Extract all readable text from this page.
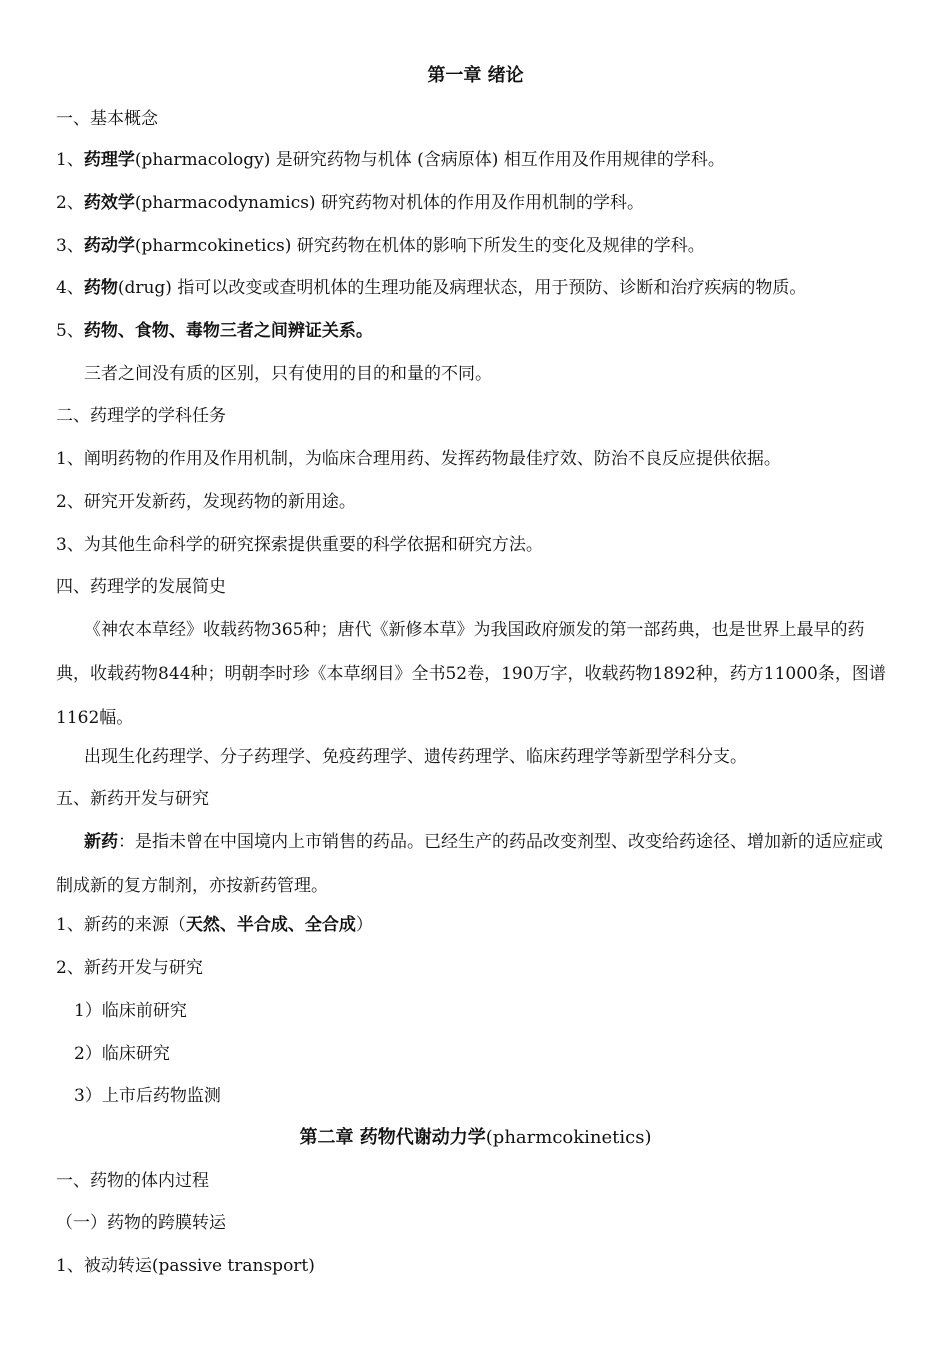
第一章 绪论
一、基本概念
1、药理学(pharmacology) 是研究药物与机体 (含病原体) 相互作用及作用规律的学科。
2、药效学(pharmacodynamics) 研究药物对机体的作用及作用机制的学科。
3、药动学(pharmcokinetics) 研究药物在机体的影响下所发生的变化及规律的学科。
4、药物(drug) 指可以改变或查明机体的生理功能及病理状态，用于预防、诊断和治疗疾病的物质。
5、药物、食物、毒物三者之间辨证关系。
三者之间没有质的区别，只有使用的目的和量的不同。
二、药理学的学科任务
1、阐明药物的作用及作用机制，为临床合理用药、发挥药物最佳疗效、防治不良反应提供依据。
2、研究开发新药，发现药物的新用途。
3、为其他生命科学的研究探索提供重要的科学依据和研究方法。
四、药理学的发展简史
《神农本草经》收载药物365种；唐代《新修本草》为我国政府颁发的第一部药典，也是世界上最早的药典，收载药物844种；明朝李时珍《本草纲目》全书52卷，190万字，收载药物1892种，药方11000条，图谱1162幅。
出现生化药理学、分子药理学、免疫药理学、遗传药理学、临床药理学等新型学科分支。
五、新药开发与研究
新药：是指未曾在中国境内上市销售的药品。已经生产的药品改变剂型、改变给药途径、增加新的适应症或制成新的复方制剂，亦按新药管理。
1、新药的来源（天然、半合成、全合成）
2、新药开发与研究
1）临床前研究
2）临床研究
3）上市后药物监测
第二章 药物代谢动力学(pharmcokinetics)
一、药物的体内过程
（一）药物的跨膜转运
1、被动转运(passive transport)
